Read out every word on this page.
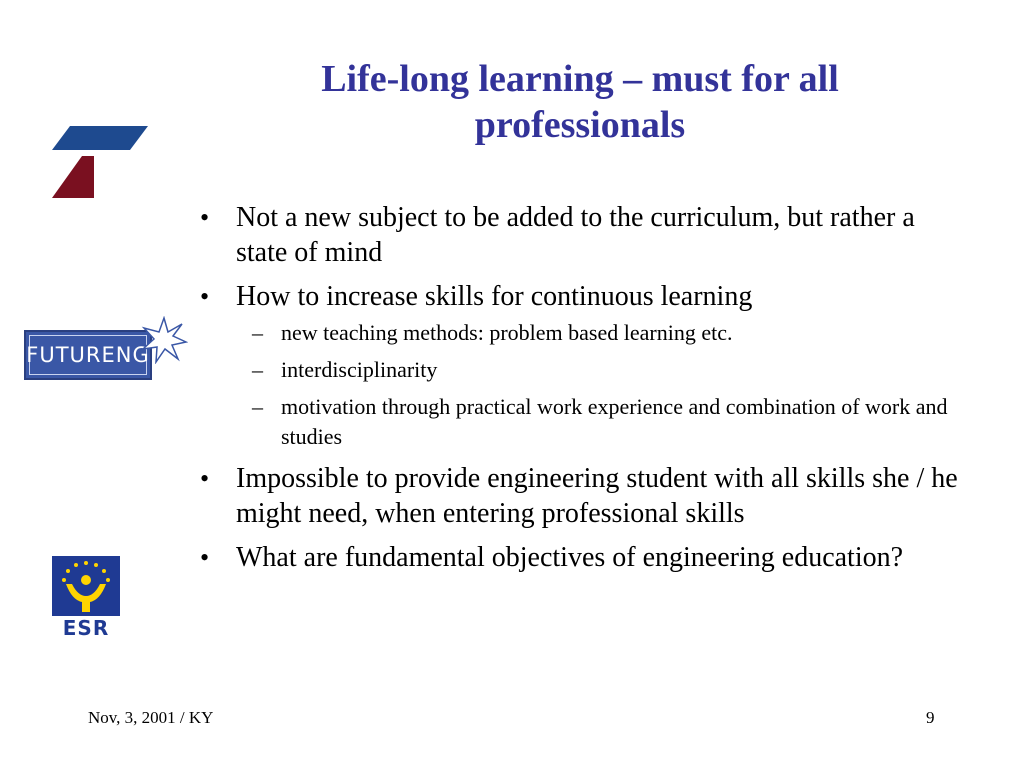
Life-long learning – must for all
professionals
FUTURENG
ESR
• Not a new subject to be added to the curriculum, but rather a state of mind
• How to increase skills for continuous learning
– new teaching methods: problem based learning etc.
– interdisciplinarity
– motivation through practical work experience and combination of work and studies
• Impossible to provide engineering student with all skills she / he might need, when entering professional skills
• What are fundamental objectives of engineering education?
Nov, 3, 2001 / KY	9
